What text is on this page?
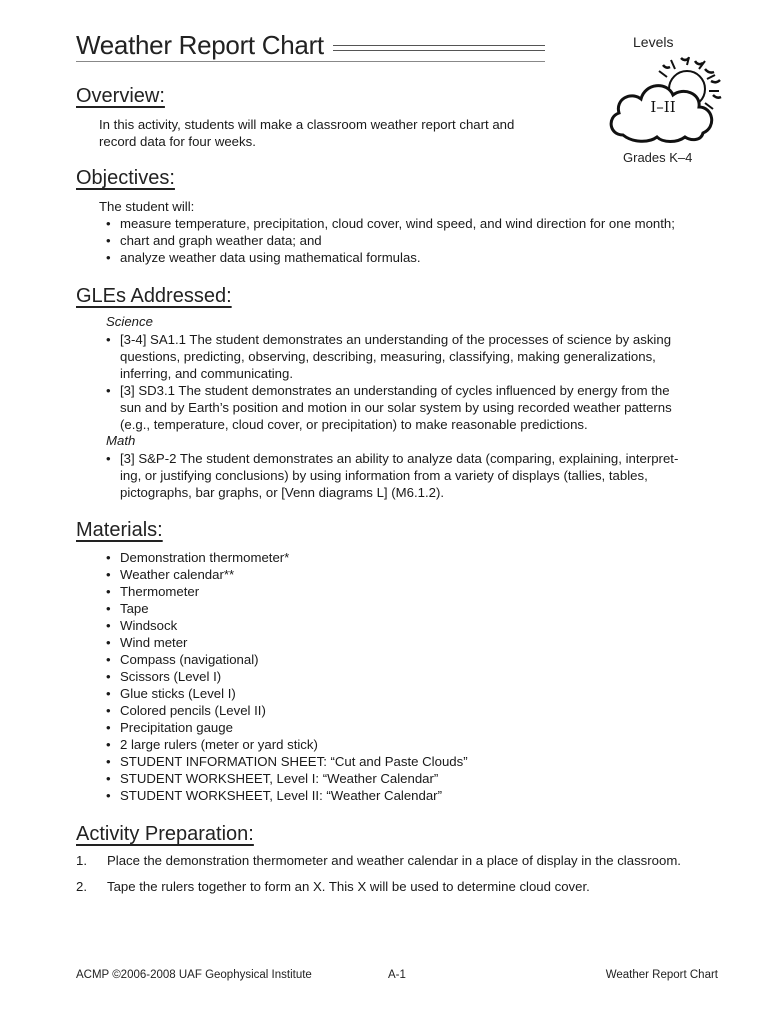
Weather Report Chart	Levels
I–II
Grades K–4
Overview:

In this activity, students will make a classroom weather report chart and

record data for four weeks.

Objectives:

The student will:

• measure temperature, precipitation, cloud cover, wind speed, and wind direction for one month;
• chart and graph weather data; and
• analyze weather data using mathematical formulas.
GLEs Addressed:

Science

• [3-4] SA1.1 The student demonstrates an understanding of the processes of science by asking
questions, predicting, observing, describing, measuring, classifying, making generalizations,
inferring, and communicating.
• [3] SD3.1 The student demonstrates an understanding of cycles influenced by energy from the
sun and by Earth’s position and motion in our solar system by using recorded weather patterns
(e.g., temperature, cloud cover, or precipitation) to make reasonable predictions.

Math

• [3] S&P-2 The student demonstrates an ability to analyze data (comparing, explaining, interpret-
ing, or justifying conclusions) by using information from a variety of displays (tallies, tables,
pictographs, bar graphs, or [Venn diagrams L] (M6.1.2).
Materials:
• Demonstration thermometer*
• Weather calendar**
• Thermometer
• Tape
• Windsock
• Wind meter
• Compass (navigational)
• Scissors (Level I)
• Glue sticks (Level I)
• Colored pencils (Level II)
• Precipitation gauge
• 2 large rulers (meter or yard stick)
• STUDENT INFORMATION SHEET: “Cut and Paste Clouds”
• STUDENT WORKSHEET, Level I: “Weather Calendar”
• STUDENT WORKSHEET, Level II: “Weather Calendar”
Activity Preparation:
1. Place the demonstration thermometer and weather calendar in a place of display in the classroom.
2. Tape the rulers together to form an X. This X will be used to determine cloud cover.
ACMP ©2006-2008 UAF Geophysical Institute	A-1	Weather Report Chart
